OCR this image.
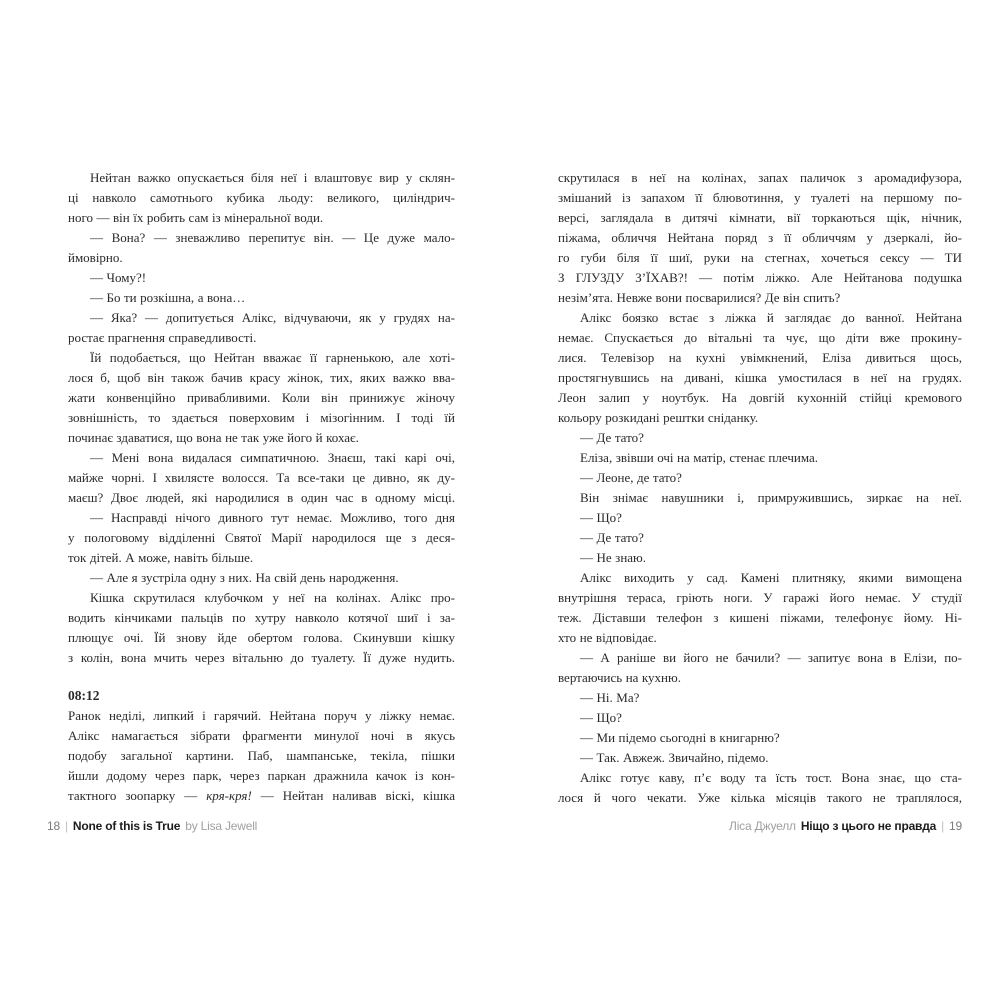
Нейтан важко опускається біля неї і влаштовує вир у склян-
ці навколо самотнього кубика льоду: великого, циліндрич-
ного — він їх робить сам із мінеральної води.
— Вона? — зневажливо перепитує він. — Це дуже мало-
ймовірно.
— Чому?!
— Бо ти розкішна, а вона…
— Яка? — допитується Алікс, відчуваючи, як у грудях на-
ростає прагнення справедливості.
Їй подобається, що Нейтан вважає її гарненькою, але хоті-
лося б, щоб він також бачив красу жінок, тих, яких важко вва-
жати конвенційно привабливими. Коли він принижує жіночу
зовнішність, то здається поверховим і мізогінним. І тоді їй
починає здаватися, що вона не так уже його й кохає.
— Мені вона видалася симпатичною. Знаєш, такі карі очі,
майже чорні. І хвилясте волосся. Та все-таки це дивно, як ду-
маєш? Двоє людей, які народилися в один час в одному місці.
— Насправді нічого дивного тут немає. Можливо, того дня
у пологовому відділенні Святої Марії народилося ще з деся-
ток дітей. А може, навіть більше.
— Але я зустріла одну з них. На свій день народження.
Кішка скрутилася клубочком у неї на колінах. Алікс про-
водить кінчиками пальців по хутру навколо котячої шиї і за-
плющує очі. Їй знову йде обертом голова. Скинувши кішку
з колін, вона мчить через вітальню до туалету. Її дуже нудить.
08:12
Ранок неділі, липкий і гарячий. Нейтана поруч у ліжку немає.
Алікс намагається зібрати фрагменти минулої ночі в якусь
подобу загальної картини. Паб, шампанське, текіла, пішки
йшли додому через парк, через паркан дражнила качок із кон-
тактного зоопарку — кря-кря! — Нейтан наливав віскі, кішка
скрутилася в неї на колінах, запах паличок з аромадифузора,
змішаний із запахом її блювотиння, у туалеті на першому по-
версі, заглядала в дитячі кімнати, вії торкаються щік, нічник,
піжама, обличчя Нейтана поряд з її обличчям у дзеркалі, йо-
го губи біля її шиї, руки на стегнах, хочеться сексу — ТИ
З ГЛУЗДУ З’ЇХАВ?! — потім ліжко. Але Нейтанова подушка
незім’ята. Невже вони посварилися? Де він спить?
Алікс боязко встає з ліжка й заглядає до ванної. Нейтана
немає. Спускається до вітальні та чує, що діти вже прокину-
лися. Телевізор на кухні увімкнений, Еліза дивиться щось,
простягнувшись на дивані, кішка умостилася в неї на грудях.
Леон залип у ноутбук. На довгій кухонній стійці кремового
кольору розкидані рештки сніданку.
— Де тато?
Еліза, звівши очі на матір, стенає плечима.
— Леоне, де тато?
Він знімає навушники і, примружившись, зиркає на неї.
— Що?
— Де тато?
— Не знаю.
Алікс виходить у сад. Камені плитняку, якими вимощена
внутрішня тераса, гріють ноги. У гаражі його немає. У студії
теж. Діставши телефон з кишені піжами, телефонує йому. Ні-
хто не відповідає.
— А раніше ви його не бачили? — запитує вона в Елізи, по-
вертаючись на кухню.
— Ні. Ма?
— Що?
— Ми підемо сьогодні в книгарню?
— Так. Авжеж. Звичайно, підемо.
Алікс готує каву, п’є воду та їсть тост. Вона знає, що ста-
лося й чого чекати. Уже кілька місяців такого не траплялося,
18 | None of this is True by Lisa Jewell	Ліса Джуелл Ніщо з цього не правда | 19
